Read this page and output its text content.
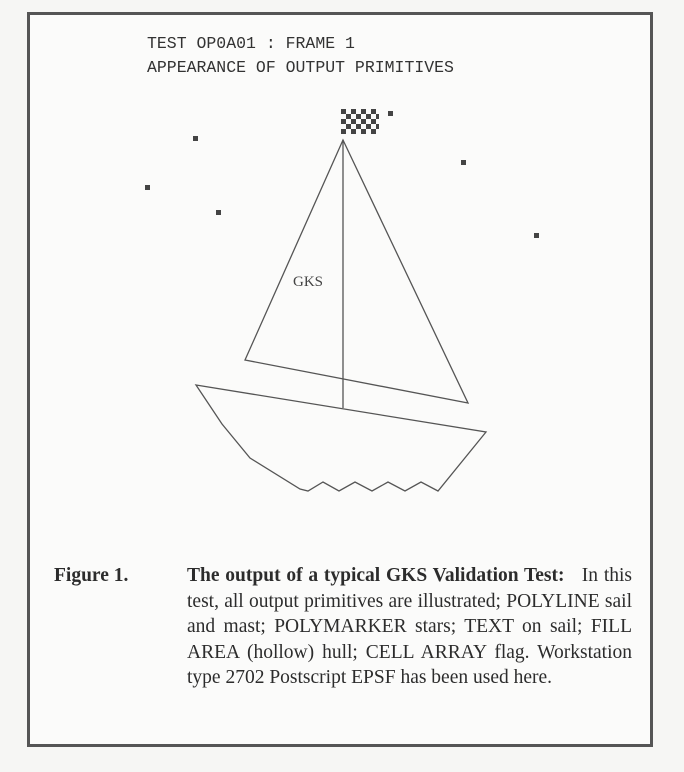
TEST OP0A01 : FRAME 1
APPEARANCE OF OUTPUT PRIMITIVES
GKS
Figure 1.	The output of a typical GKS Validation Test: In this test, all output primitives are illustrated; POLYLINE sail and mast; POLYMARKER stars; TEXT on sail; FILL AREA (hollow) hull; CELL ARRAY flag. Workstation type 2702 Postscript EPSF has been used here.
